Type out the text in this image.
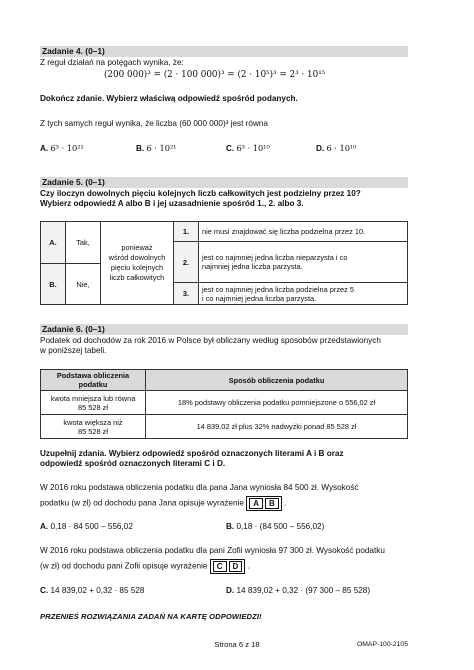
Zadanie 4. (0–1)
Z reguł działań na potęgach wynika, że:
(200 000)³ = (2 · 100 000)³ = (2 · 10⁵)³ = 2³ · 10¹⁵
Dokończ zdanie. Wybierz właściwą odpowiedź spośród podanych.
Z tych samych reguł wynika, że liczba (60 000 000)³ jest równa
A. 6³ · 10²¹	B. 6 · 10²¹	C. 6³ · 10¹⁰	D. 6 · 10¹⁰
Zadanie 5. (0–1)
Czy iloczyn dowolnych pięciu kolejnych liczb całkowitych jest podzielny przez 10?
Wybierz odpowiedź A albo B i jej uzasadnienie spośród 1., 2. albo 3.
A.	Tak,	ponieważ
wśród dowolnych
pięciu kolejnych
liczb całkowitych	1.	nie musi znajdować się liczba podzielna przez 10.
			2.	jest co najmniej jedna liczba nieparzysta i co
najmniej jedna liczba parzysta.

B.	Nie,			
			3.	jest co najmniej jedna liczba podzielna przez 5
i co najmniej jedna liczba parzysta.
Zadanie 6. (0–1)
Podatek od dochodów za rok 2016 w Polsce był obliczany według sposobów przedstawionych
w poniższej tabeli.
Podstawa obliczenia
podatku	Sposób obliczenia podatku

kwota mniejsza lub równa
85 528 zł	18% podstawy obliczenia podatku pomniejszone o 556,02 zł

kwota większa niż
85 528 zł	14 839,02 zł plus 32% nadwyżki ponad 85 528 zł
Uzupełnij zdania. Wybierz odpowiedź spośród oznaczonych literami A i B oraz
odpowiedź spośród oznaczonych literami C i D.
W 2016 roku podstawa obliczenia podatku dla pana Jana wyniosła 84 500 zł. Wysokość
podatku (w zł) od dochodu pana Jana opisuje wyrażenie A B .
A. 0,18 · 84 500 – 556,02	B. 0,18 · (84 500 – 556,02)
W 2016 roku podstawa obliczenia podatku dla pani Zofii wyniosła 97 300 zł. Wysokość podatku
(w zł) od dochodu pani Zofii opisuje wyrażenie C D .
C. 14 839,02 + 0,32 · 85 528	D. 14 839,02 + 0,32 · (97 300 – 85 528)
PRZENIEŚ ROZWIĄZANIA ZADAŃ NA KARTĘ ODPOWIEDZI!
Strona 6 z 18	OMAP-100-2105
